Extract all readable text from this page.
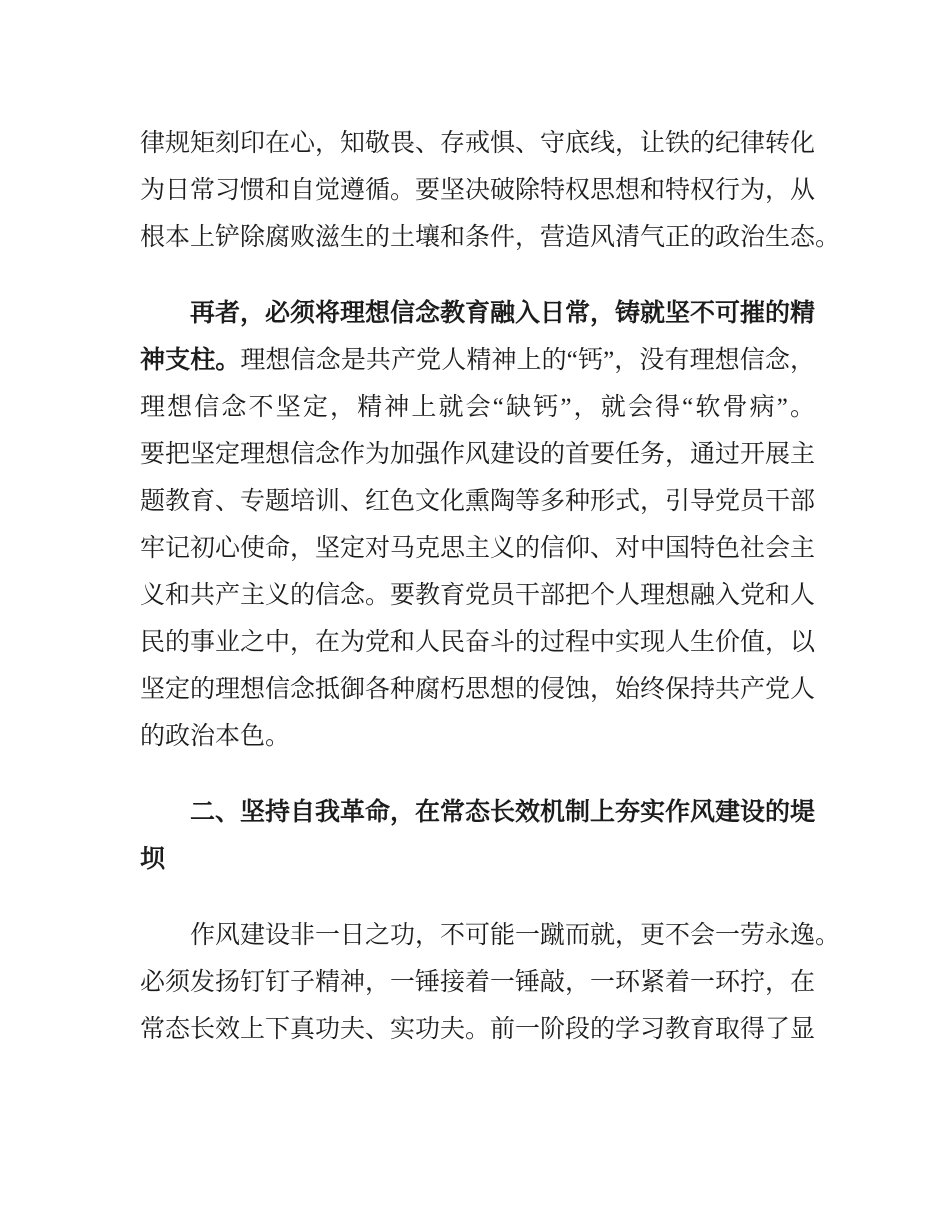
律规矩刻印在心，知敬畏、存戒惧、守底线，让铁的纪律转化
为日常习惯和自觉遵循。要坚决破除特权思想和特权行为，从
根本上铲除腐败滋生的土壤和条件，营造风清气正的政治生态。
　　再者，必须将理想信念教育融入日常，铸就坚不可摧的精
神支柱。理想信念是共产党人精神上的“钙”，没有理想信念，
理想信念不坚定，精神上就会“缺钙”，就会得“软骨病”。
要把坚定理想信念作为加强作风建设的首要任务，通过开展主
题教育、专题培训、红色文化熏陶等多种形式，引导党员干部
牢记初心使命，坚定对马克思主义的信仰、对中国特色社会主
义和共产主义的信念。要教育党员干部把个人理想融入党和人
民的事业之中，在为党和人民奋斗的过程中实现人生价值，以
坚定的理想信念抵御各种腐朽思想的侵蚀，始终保持共产党人
的政治本色。
　　二、坚持自我革命，在常态长效机制上夯实作风建设的堤
坝
　　作风建设非一日之功，不可能一蹴而就，更不会一劳永逸。
必须发扬钉钉子精神，一锤接着一锤敲，一环紧着一环拧，在
常态长效上下真功夫、实功夫。前一阶段的学习教育取得了显
